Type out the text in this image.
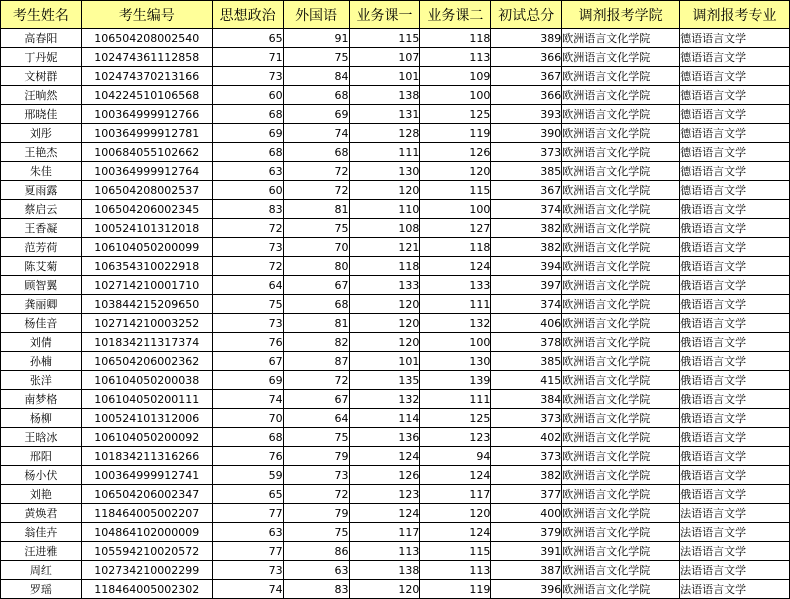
考生姓名	考生编号	思想政治	外国语	业务课一	业务课二	初试总分	调剂报考学院	调剂报考专业
高春阳	106504208002540	65	91	115	118	389	欧洲语言文化学院	德语语言文学
丁丹妮	102474361112858	71	75	107	113	366	欧洲语言文化学院	德语语言文学
文树群	102474370213166	73	84	101	109	367	欧洲语言文化学院	德语语言文学
汪晌然	104224510106568	60	68	138	100	366	欧洲语言文化学院	德语语言文学
邢晓佳	100364999912766	68	69	131	125	393	欧洲语言文化学院	德语语言文学
刘彤	100364999912781	69	74	128	119	390	欧洲语言文化学院	德语语言文学
王艳杰	100684055102662	68	68	111	126	373	欧洲语言文化学院	德语语言文学
朱佳	100364999912764	63	72	130	120	385	欧洲语言文化学院	德语语言文学
夏雨露	106504208002537	60	72	120	115	367	欧洲语言文化学院	德语语言文学
蔡启云	106504206002345	83	81	110	100	374	欧洲语言文化学院	俄语语言文学
王香凝	100524101312018	72	75	108	127	382	欧洲语言文化学院	俄语语言文学
范芳荷	106104050200099	73	70	121	118	382	欧洲语言文化学院	俄语语言文学
陈艾菊	106354310022918	72	80	118	124	394	欧洲语言文化学院	俄语语言文学
顾智翼	102714210001710	64	67	133	133	397	欧洲语言文化学院	俄语语言文学
龚丽卿	103844215209650	75	68	120	111	374	欧洲语言文化学院	俄语语言文学
杨佳音	102714210003252	73	81	120	132	406	欧洲语言文化学院	俄语语言文学
刘倩	101834211317374	76	82	120	100	378	欧洲语言文化学院	俄语语言文学
孙楠	106504206002362	67	87	101	130	385	欧洲语言文化学院	俄语语言文学
张洋	106104050200038	69	72	135	139	415	欧洲语言文化学院	俄语语言文学
南梦格	106104050200111	74	67	132	111	384	欧洲语言文化学院	俄语语言文学
杨柳	100524101312006	70	64	114	125	373	欧洲语言文化学院	俄语语言文学
王晗冰	106104050200092	68	75	136	123	402	欧洲语言文化学院	俄语语言文学
邢阳	101834211316266	76	79	124	94	373	欧洲语言文化学院	俄语语言文学
杨小伏	100364999912741	59	73	126	124	382	欧洲语言文化学院	俄语语言文学
刘艳	106504206002347	65	72	123	117	377	欧洲语言文化学院	俄语语言文学
黄焕君	118464005002207	77	79	124	120	400	欧洲语言文化学院	法语语言文学
翁佳卉	104864102000009	63	75	117	124	379	欧洲语言文化学院	法语语言文学
汪进雅	105594210020572	77	86	113	115	391	欧洲语言文化学院	法语语言文学
周红	102734210002299	73	63	138	113	387	欧洲语言文化学院	法语语言文学
罗瑶	118464005002302	74	83	120	119	396	欧洲语言文化学院	法语语言文学
